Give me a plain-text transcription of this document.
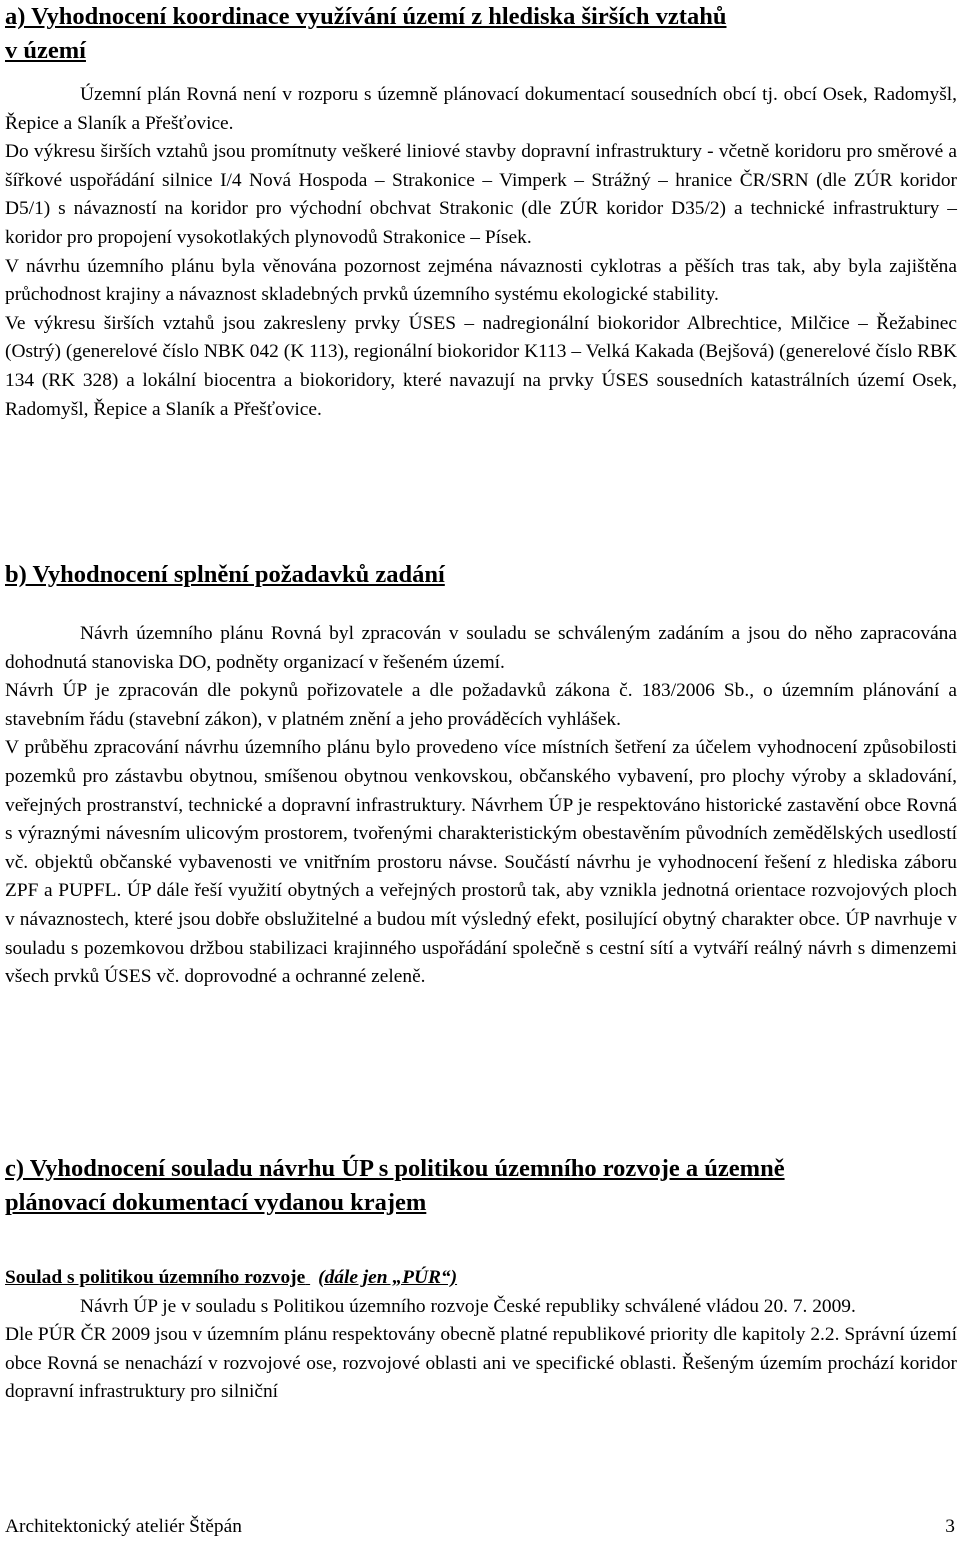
a) Vyhodnocení koordinace využívání území z hlediska širších vztahů
v území

Územní plán Rovná není v rozporu s územně plánovací dokumentací sousedních obcí tj. obcí Osek, Radomyšl, Řepice a Slaník a Přešťovice.

Do výkresu širších vztahů jsou promítnuty veškeré liniové stavby dopravní infrastruktury - včetně koridoru pro směrové a šířkové uspořádání silnice I/4 Nová Hospoda – Strakonice – Vimperk – Strážný – hranice ČR/SRN (dle ZÚR koridor D5/1) s návazností na koridor pro východní obchvat Strakonic (dle ZÚR koridor D35/2) a technické infrastruktury – koridor pro propojení vysokotlakých plynovodů Strakonice – Písek.

V návrhu územního plánu byla věnována pozornost zejména návaznosti cyklotras a pěších tras tak, aby byla zajištěna průchodnost krajiny a návaznost skladebných prvků územního systému ekologické stability.

Ve výkresu širších vztahů jsou zakresleny prvky ÚSES – nadregionální biokoridor Albrechtice, Milčice – Řežabinec (Ostrý) (generelové číslo NBK 042 (K 113), regionální biokoridor K113 – Velká Kakada (Bejšová) (generelové číslo RBK 134 (RK 328) a lokální biocentra a biokoridory, které navazují na prvky ÚSES sousedních katastrálních území Osek, Radomyšl, Řepice a Slaník a Přešťovice.

b) Vyhodnocení splnění požadavků zadání

Návrh územního plánu Rovná byl zpracován v souladu se schváleným zadáním a jsou do něho zapracována dohodnutá stanoviska DO, podněty organizací v řešeném území.

Návrh ÚP je zpracován dle pokynů pořizovatele a dle požadavků zákona č. 183/2006 Sb., o územním plánování a stavebním řádu (stavební zákon), v platném znění a jeho prováděcích vyhlášek.

V průběhu zpracování návrhu územního plánu bylo provedeno více místních šetření za účelem vyhodnocení způsobilosti pozemků pro zástavbu obytnou, smíšenou obytnou venkovskou, občanského vybavení, pro plochy výroby a skladování, veřejných prostranství, technické a dopravní infrastruktury. Návrhem ÚP je respektováno historické zastavění obce Rovná s výraznými návesním ulicovým prostorem, tvořenými charakteristickým obestavěním původních zemědělských usedlostí vč. objektů občanské vybavenosti ve vnitřním prostoru návse. Součástí návrhu je vyhodnocení řešení z hlediska záboru ZPF a PUPFL. ÚP dále řeší využití obytných a veřejných prostorů tak, aby vznikla jednotná orientace rozvojových ploch v návaznostech, které jsou dobře obslužitelné a budou mít výsledný efekt, posilující obytný charakter obce. ÚP navrhuje v souladu s pozemkovou držbou stabilizaci krajinného uspořádání společně s cestní sítí a vytváří reálný návrh s dimenzemi všech prvků ÚSES vč. doprovodné a ochranné zeleně.

c) Vyhodnocení souladu návrhu ÚP s politikou územního rozvoje a územně
plánovací dokumentací vydanou krajem
Soulad s politikou územního rozvoje (dále jen „PÚR“)

Návrh ÚP je v souladu s Politikou územního rozvoje České republiky schválené vládou 20. 7. 2009.

Dle PÚR ČR 2009 jsou v územním plánu respektovány obecně platné republikové priority dle kapitoly 2.2. Správní území obce Rovná se nenachází v rozvojové ose, rozvojové oblasti ani ve specifické oblasti. Řešeným územím prochází koridor dopravní infrastruktury pro silniční

Architektonický ateliér Štěpán	3
